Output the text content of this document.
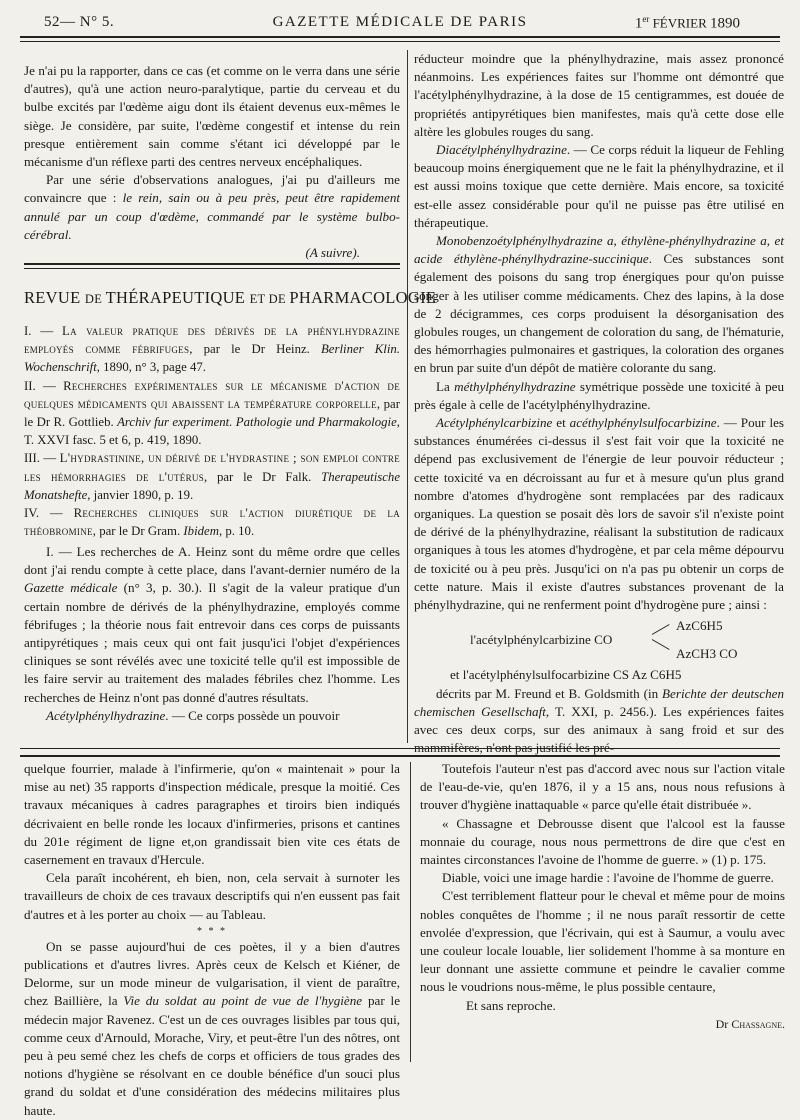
52— N° 5.	GAZETTE MÉDICALE DE PARIS	1er FÉVRIER 1890

Je n'ai pu la rapporter, dans ce cas (et comme on le verra dans une série d'autres), qu'à une action neuro-paralytique, partie du cerveau et du bulbe excités par l'œdème aigu dont ils étaient devenus eux-mêmes le siège. Je considère, par suite, l'œdème congestif et intense du rein presque entièrement sain comme s'étant ici développé par le mécanisme d'un réflexe parti des centres nerveux encéphaliques.

Par une série d'observations analogues, j'ai pu d'ailleurs me convaincre que : le rein, sain ou à peu près, peut être rapidement annulé par un coup d'œdème, commandé par le système bulbo-cérébral.

(A suivre).

REVUE DE THÉRAPEUTIQUE ET DE PHARMACOLOGIE

I. — La valeur pratique des dérivés de la phénylhydrazine employés comme fébrifuges, par le Dr Heinz. Berliner Klin. Wochenschrift, 1890, n° 3, page 47.

II. — Recherches expérimentales sur le mécanisme d'action de quelques médicaments qui abaissent la température corporelle, par le Dr R. Gottlieb. Archiv fur experiment. Pathologie und Pharmakologie, T. XXVI fasc. 5 et 6, p. 419, 1890.

III. — L'hydrastinine, un dérivé de l'hydrastine ; son emploi contre les hémorrhagies de l'utérus, par le Dr Falk. Therapeutische Monatshefte, janvier 1890, p. 19.

IV. — Recherches cliniques sur l'action diurétique de la théobromine, par le Dr Gram. Ibidem, p. 10.

I. — Les recherches de A. Heinz sont du même ordre que celles dont j'ai rendu compte à cette place, dans l'avant-dernier numéro de la Gazette médicale (n° 3, p. 30.). Il s'agit de la valeur pratique d'un certain nombre de dérivés de la phénylhydrazine, employés comme fébrifuges ; la théorie nous fait entrevoir dans ces corps de puissants antipyrétiques ; mais ceux qui ont fait jusqu'ici l'objet d'expériences cliniques se sont révélés avec une toxicité telle qu'il est impossible de les faire servir au traitement des malades fébriles chez l'homme. Les recherches de Heinz n'ont pas donné d'autres résultats.

Acétylphénylhydrazine. — Ce corps possède un pouvoir

réducteur moindre que la phénylhydrazine, mais assez prononcé néanmoins. Les expériences faites sur l'homme ont démontré que l'acétylphénylhydrazine, à la dose de 15 centigrammes, est douée de propriétés antipyrétiques bien manifestes, mais qu'à cette dose elle altère les globules rouges du sang.

Diacétylphénylhydrazine. — Ce corps réduit la liqueur de Fehling beaucoup moins énergiquement que ne le fait la phénylhydrazine, et il est aussi moins toxique que cette dernière. Mais encore, sa toxicité est-elle assez considérable pour qu'il ne puisse pas être utilisé en thérapeutique.

Monobenzoétylphénylhydrazine a, éthylène-phénylhydrazine a, et acide éthylène-phénylhydrazine-succinique. Ces substances sont également des poisons du sang trop énergiques pour qu'on puisse songer à les utiliser comme médicaments. Chez des lapins, à la dose de 2 décigrammes, ces corps produisent la désorganisation des globules rouges, un changement de coloration du sang, de l'hématurie, des hémorrhagies pulmonaires et gastriques, la coloration des organes en brun par suite d'un dépôt de matière colorante du sang.

La méthylphénylhydrazine symétrique possède une toxicité à peu près égale à celle de l'acétylphénylhydrazine.

Acétylphénylcarbizine et acéthylphénylsulfocarbizine. — Pour les substances énumérées ci-dessus il s'est fait voir que la toxicité ne dépend pas exclusivement de l'énergie de leur pouvoir réducteur ; cette toxicité va en décroissant au fur et à mesure qu'un plus grand nombre d'atomes d'hydrogène sont remplacées par des radicaux organiques. La question se posait dès lors de savoir s'il n'existe point de dérivé de la phénylhydrazine, réalisant la substitution de radicaux organiques à tous les atomes d'hydrogène, et par cela même dépourvu de toxicité ou à peu près. Jusqu'ici on n'a pas pu obtenir un corps de cette nature. Mais il existe d'autres substances provenant de la phénylhydrazine, qui ne renferment point d'hydrogène pure ; ainsi :

l'acétylphénylcarbizine CO
AzC6H5
AzCH3 CO

et l'acétylphénylsulfocarbizine CS Az C6H5

décrits par M. Freund et B. Goldsmith (in Berichte der deutschen chemischen Gesellschaft, T. XXI, p. 2456.). Les expériences faites avec ces deux corps, sur des animaux à sang froid et sur des mammifères, n'ont pas justifié les pré-

quelque fourrier, malade à l'infirmerie, qu'on « maintenait » pour la mise au net) 35 rapports d'inspection médicale, presque la moitié. Ces travaux mécaniques à cadres paragraphes et tiroirs bien indiqués décrivaient en belle ronde les locaux d'infirmeries, prisons et cantines du 201e régiment de ligne et,on grandissait bien vite ces états de casernement en travaux d'Hercule.

Cela paraît incohérent, eh bien, non, cela servait à surnoter les travailleurs de choix de ces travaux descriptifs qui n'en eussent pas fait d'autres et à les porter au choix — au Tableau.

* * *

On se passe aujourd'hui de ces poètes, il y a bien d'autres publications et d'autres livres. Après ceux de Kelsch et Kiéner, de Delorme, sur un mode mineur de vulgarisation, il vient de paraître, chez Baillière, la Vie du soldat au point de vue de l'hygiène par le médecin major Ravenez. C'est un de ces ouvrages lisibles par tous qui, comme ceux d'Arnould, Morache, Viry, et peut-être l'un des nôtres, ont peu à peu semé chez les chefs de corps et officiers de tous grades des notions d'hygiène se résolvant en ce double bénéfice d'un souci plus grand du soldat et d'une considération des médecins militaires plus haute.

Toutefois l'auteur n'est pas d'accord avec nous sur l'action vitale de l'eau-de-vie, qu'en 1876, il y a 15 ans, nous nous refusions à trouver d'hygiène inattaquable « parce qu'elle était distribuée ».

« Chassagne et Debrousse disent que l'alcool est la fausse monnaie du courage, nous nous permettrons de dire que c'est en maintes circonstances l'avoine de l'homme de guerre. » (1) p. 175.

Diable, voici une image hardie : l'avoine de l'homme de guerre.

C'est terriblement flatteur pour le cheval et même pour de moins nobles conquêtes de l'homme ; il ne nous paraît ressortir de cette envolée d'expression, que l'écrivain, qui est à Saumur, a voulu avec une couleur locale louable, lier solidement l'homme à sa monture en leur donnant une assiette commune et peindre le cavalier comme nous le voudrions nous-même, le plus possible centaure,

Et sans reproche.

Dr Chassagne.
